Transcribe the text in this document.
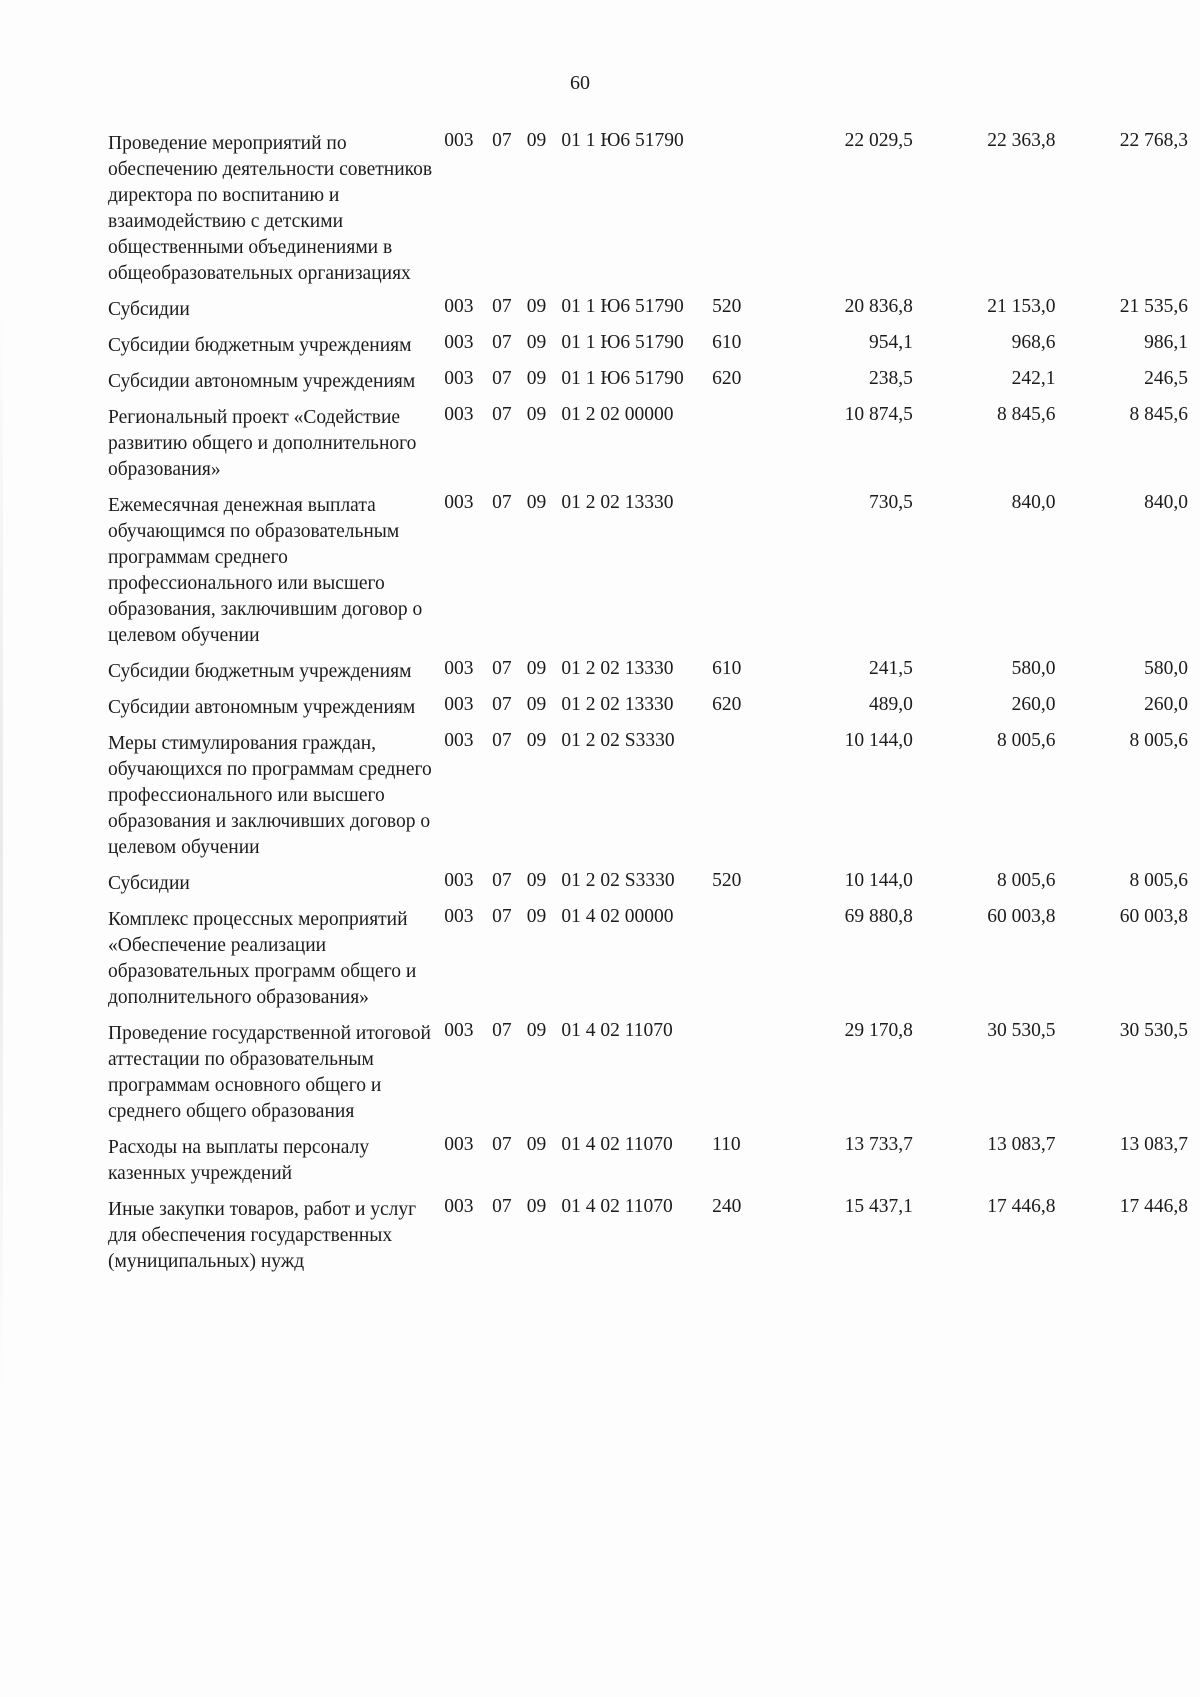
60
Проведение мероприятий по обеспечению деятельности советников директора по воспитанию и взаимодействию с детскими общественными объединениями в общеобразовательных организациях	003	07	09	01 1 Ю6 51790		22 029,5	22 363,8	22 768,3
Субсидии	003	07	09	01 1 Ю6 51790	520	20 836,8	21 153,0	21 535,6
Субсидии бюджетным учреждениям	003	07	09	01 1 Ю6 51790	610	954,1	968,6	986,1
Субсидии автономным учреждениям	003	07	09	01 1 Ю6 51790	620	238,5	242,1	246,5
Региональный проект «Содействие развитию общего и дополнительного образования»	003	07	09	01 2 02 00000		10 874,5	8 845,6	8 845,6
Ежемесячная денежная выплата обучающимся по образовательным программам среднего профессионального или высшего образования, заключившим договор о целевом обучении	003	07	09	01 2 02 13330		730,5	840,0	840,0
Субсидии бюджетным учреждениям	003	07	09	01 2 02 13330	610	241,5	580,0	580,0
Субсидии автономным учреждениям	003	07	09	01 2 02 13330	620	489,0	260,0	260,0
Меры стимулирования граждан, обучающихся по программам среднего профессионального или высшего образования и заключивших договор о целевом обучении	003	07	09	01 2 02 S3330		10 144,0	8 005,6	8 005,6
Субсидии	003	07	09	01 2 02 S3330	520	10 144,0	8 005,6	8 005,6
Комплекс процессных мероприятий «Обеспечение реализации образовательных программ общего и дополнительного образования»	003	07	09	01 4 02 00000		69 880,8	60 003,8	60 003,8
Проведение государственной итоговой аттестации по образовательным программам основного общего и среднего общего образования	003	07	09	01 4 02 11070		29 170,8	30 530,5	30 530,5
Расходы на выплаты персоналу казенных учреждений	003	07	09	01 4 02 11070	110	13 733,7	13 083,7	13 083,7
Иные закупки товаров, работ и услуг для обеспечения государственных (муниципальных) нужд	003	07	09	01 4 02 11070	240	15 437,1	17 446,8	17 446,8
